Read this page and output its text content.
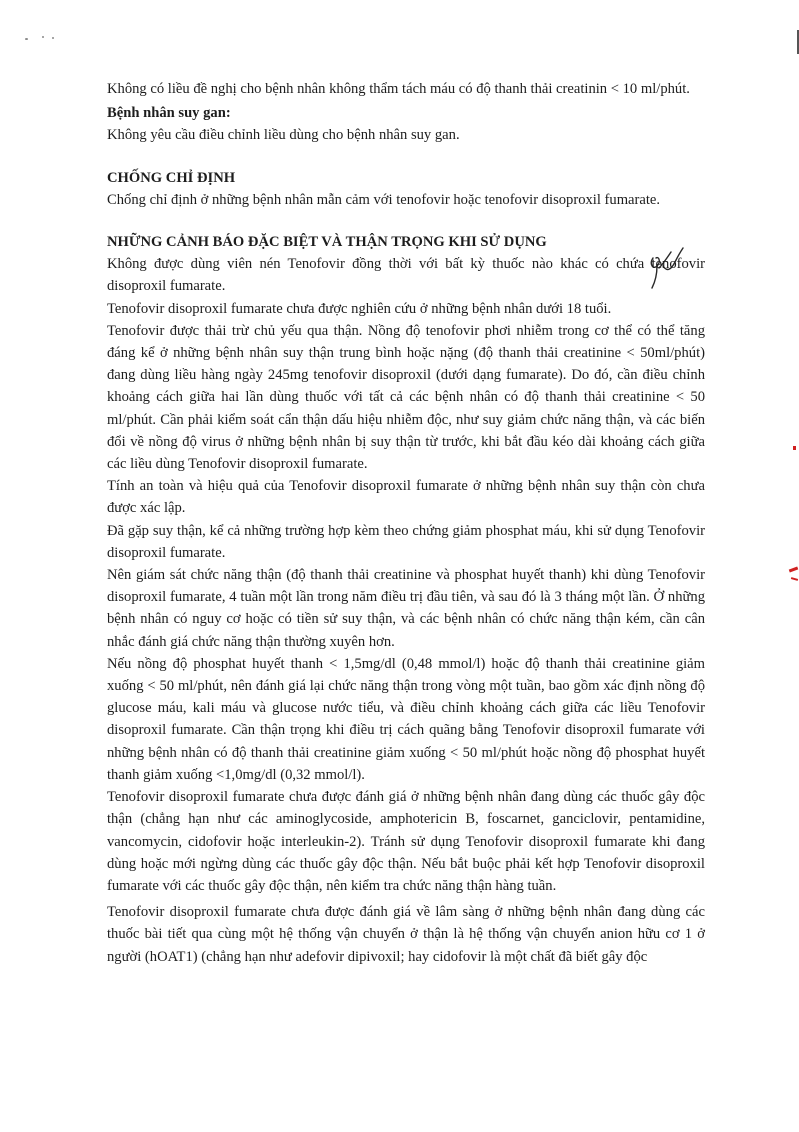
Không có liều đề nghị cho bệnh nhân không thẩm tách máu có độ thanh thải creatinin < 10 ml/phút.

Bệnh nhân suy gan:

Không yêu cầu điều chỉnh liều dùng cho bệnh nhân suy gan.

CHỐNG CHỈ ĐỊNH

Chống chỉ định ở những bệnh nhân mẫn cảm với tenofovir hoặc tenofovir disoproxil fumarate.

NHỮNG CẢNH BÁO ĐẶC BIỆT VÀ THẬN TRỌNG KHI SỬ DỤNG

Không được dùng viên nén Tenofovir đồng thời với bất kỳ thuốc nào khác có chứa tenofovir disoproxil fumarate.

Tenofovir disoproxil fumarate chưa được nghiên cứu ở những bệnh nhân dưới 18 tuổi.

Tenofovir được thải trừ chủ yếu qua thận. Nồng độ tenofovir phơi nhiễm trong cơ thể có thể tăng đáng kể ở những bệnh nhân suy thận trung bình hoặc nặng (độ thanh thải creatinine < 50ml/phút) đang dùng liều hàng ngày 245mg tenofovir disoproxil (dưới dạng fumarate). Do đó, cần điều chỉnh khoảng cách giữa hai lần dùng thuốc với tất cả các bệnh nhân có độ thanh thải creatinine < 50 ml/phút. Cần phải kiểm soát cẩn thận dấu hiệu nhiễm độc, như suy giảm chức năng thận, và các biến đổi về nồng độ virus ở những bệnh nhân bị suy thận từ trước, khi bắt đầu kéo dài khoảng cách giữa các liều dùng Tenofovir disoproxil fumarate.

Tính an toàn và hiệu quả của Tenofovir disoproxil fumarate ở những bệnh nhân suy thận còn chưa được xác lập.

Đã gặp suy thận, kể cả những trường hợp kèm theo chứng giảm phosphat máu, khi sử dụng Tenofovir disoproxil fumarate.

Nên giám sát chức năng thận (độ thanh thải creatinine và phosphat huyết thanh) khi dùng Tenofovir disoproxil fumarate, 4 tuần một lần trong năm điều trị đầu tiên, và sau đó là 3 tháng một lần. Ở những bệnh nhân có nguy cơ hoặc có tiền sử suy thận, và các bệnh nhân có chức năng thận kém, cần cân nhắc đánh giá chức năng thận thường xuyên hơn.

Nếu nồng độ phosphat huyết thanh < 1,5mg/dl (0,48 mmol/l) hoặc độ thanh thải creatinine giảm xuống < 50 ml/phút, nên đánh giá lại chức năng thận trong vòng một tuần, bao gồm xác định nồng độ glucose máu, kali máu và glucose nước tiểu, và điều chỉnh khoảng cách giữa các liều Tenofovir disoproxil fumarate. Cần thận trọng khi điều trị cách quãng bằng Tenofovir disoproxil fumarate với những bệnh nhân có độ thanh thải creatinine giảm xuống < 50 ml/phút hoặc nồng độ phosphat huyết thanh giảm xuống <1,0mg/dl (0,32 mmol/l).

Tenofovir disoproxil fumarate chưa được đánh giá ở những bệnh nhân đang dùng các thuốc gây độc thận (chẳng hạn như các aminoglycoside, amphotericin B, foscarnet, ganciclovir, pentamidine, vancomycin, cidofovir hoặc interleukin-2). Tránh sử dụng Tenofovir disoproxil fumarate khi đang dùng hoặc mới ngừng dùng các thuốc gây độc thận. Nếu bắt buộc phải kết hợp Tenofovir disoproxil fumarate với các thuốc gây độc thận, nên kiểm tra chức năng thận hàng tuần.

Tenofovir disoproxil fumarate chưa được đánh giá về lâm sàng ở những bệnh nhân đang dùng các thuốc bài tiết qua cùng một hệ thống vận chuyển ở thận là hệ thống vận chuyển anion hữu cơ 1 ở người (hOAT1) (chẳng hạn như adefovir dipivoxil; hay cidofovir là một chất đã biết gây độc
